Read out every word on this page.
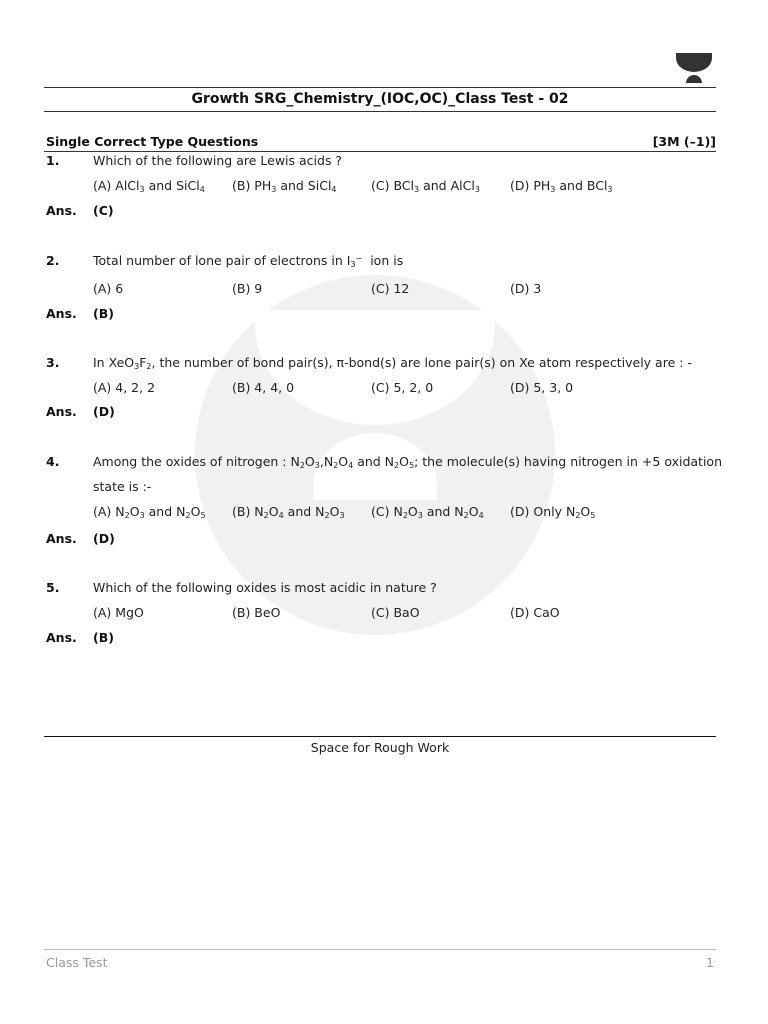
Growth SRG_Chemistry_(IOC,OC)_Class Test - 02
Single Correct Type Questions	[3M (–1)]
1.	Which of the following are Lewis acids ?
(A) AlCl$_3$ and SiCl$_4$ (B) $PH_3$ and SiCl$_4$	(C) BCl$_3$ and AlCl$_3$ (D) $PH_3$ and BCl$_3$
Ans. (C)
2.	Total number of lone pair of electrons in $I_3^-$  ion is
(A) 6	(B) 9	(C) 12	(D) 3
Ans. (B)
3.	In $XeO_3F_2$, the number of bond pair(s), π-bond(s) are lone pair(s) on Xe atom respectively are : -
(A) 4, 2, 2	(B) 4, 4, 0	(C) 5, 2, 0	(D) 5, 3, 0
Ans. (D)
4.	Among the oxides of nitrogen : $N_2O_3,N_2O_4$ and $N_2O_5$; the molecule(s) having nitrogen in +5 oxidation
state is :-
(A) $N_2O_3$ and $N_2O_5$ (B) $N_2O_4$ and $N_2O_3$ (C) $N_2O_3$ and $N_2O_4$ (D) Only $N_2O_5$
Ans. (D)
5.	Which of the following oxides is most acidic in nature ?
(A) MgO	(B) BeO	(C) BaO	(D) CaO
Ans. (B)
Space for Rough Work
Class Test	1
